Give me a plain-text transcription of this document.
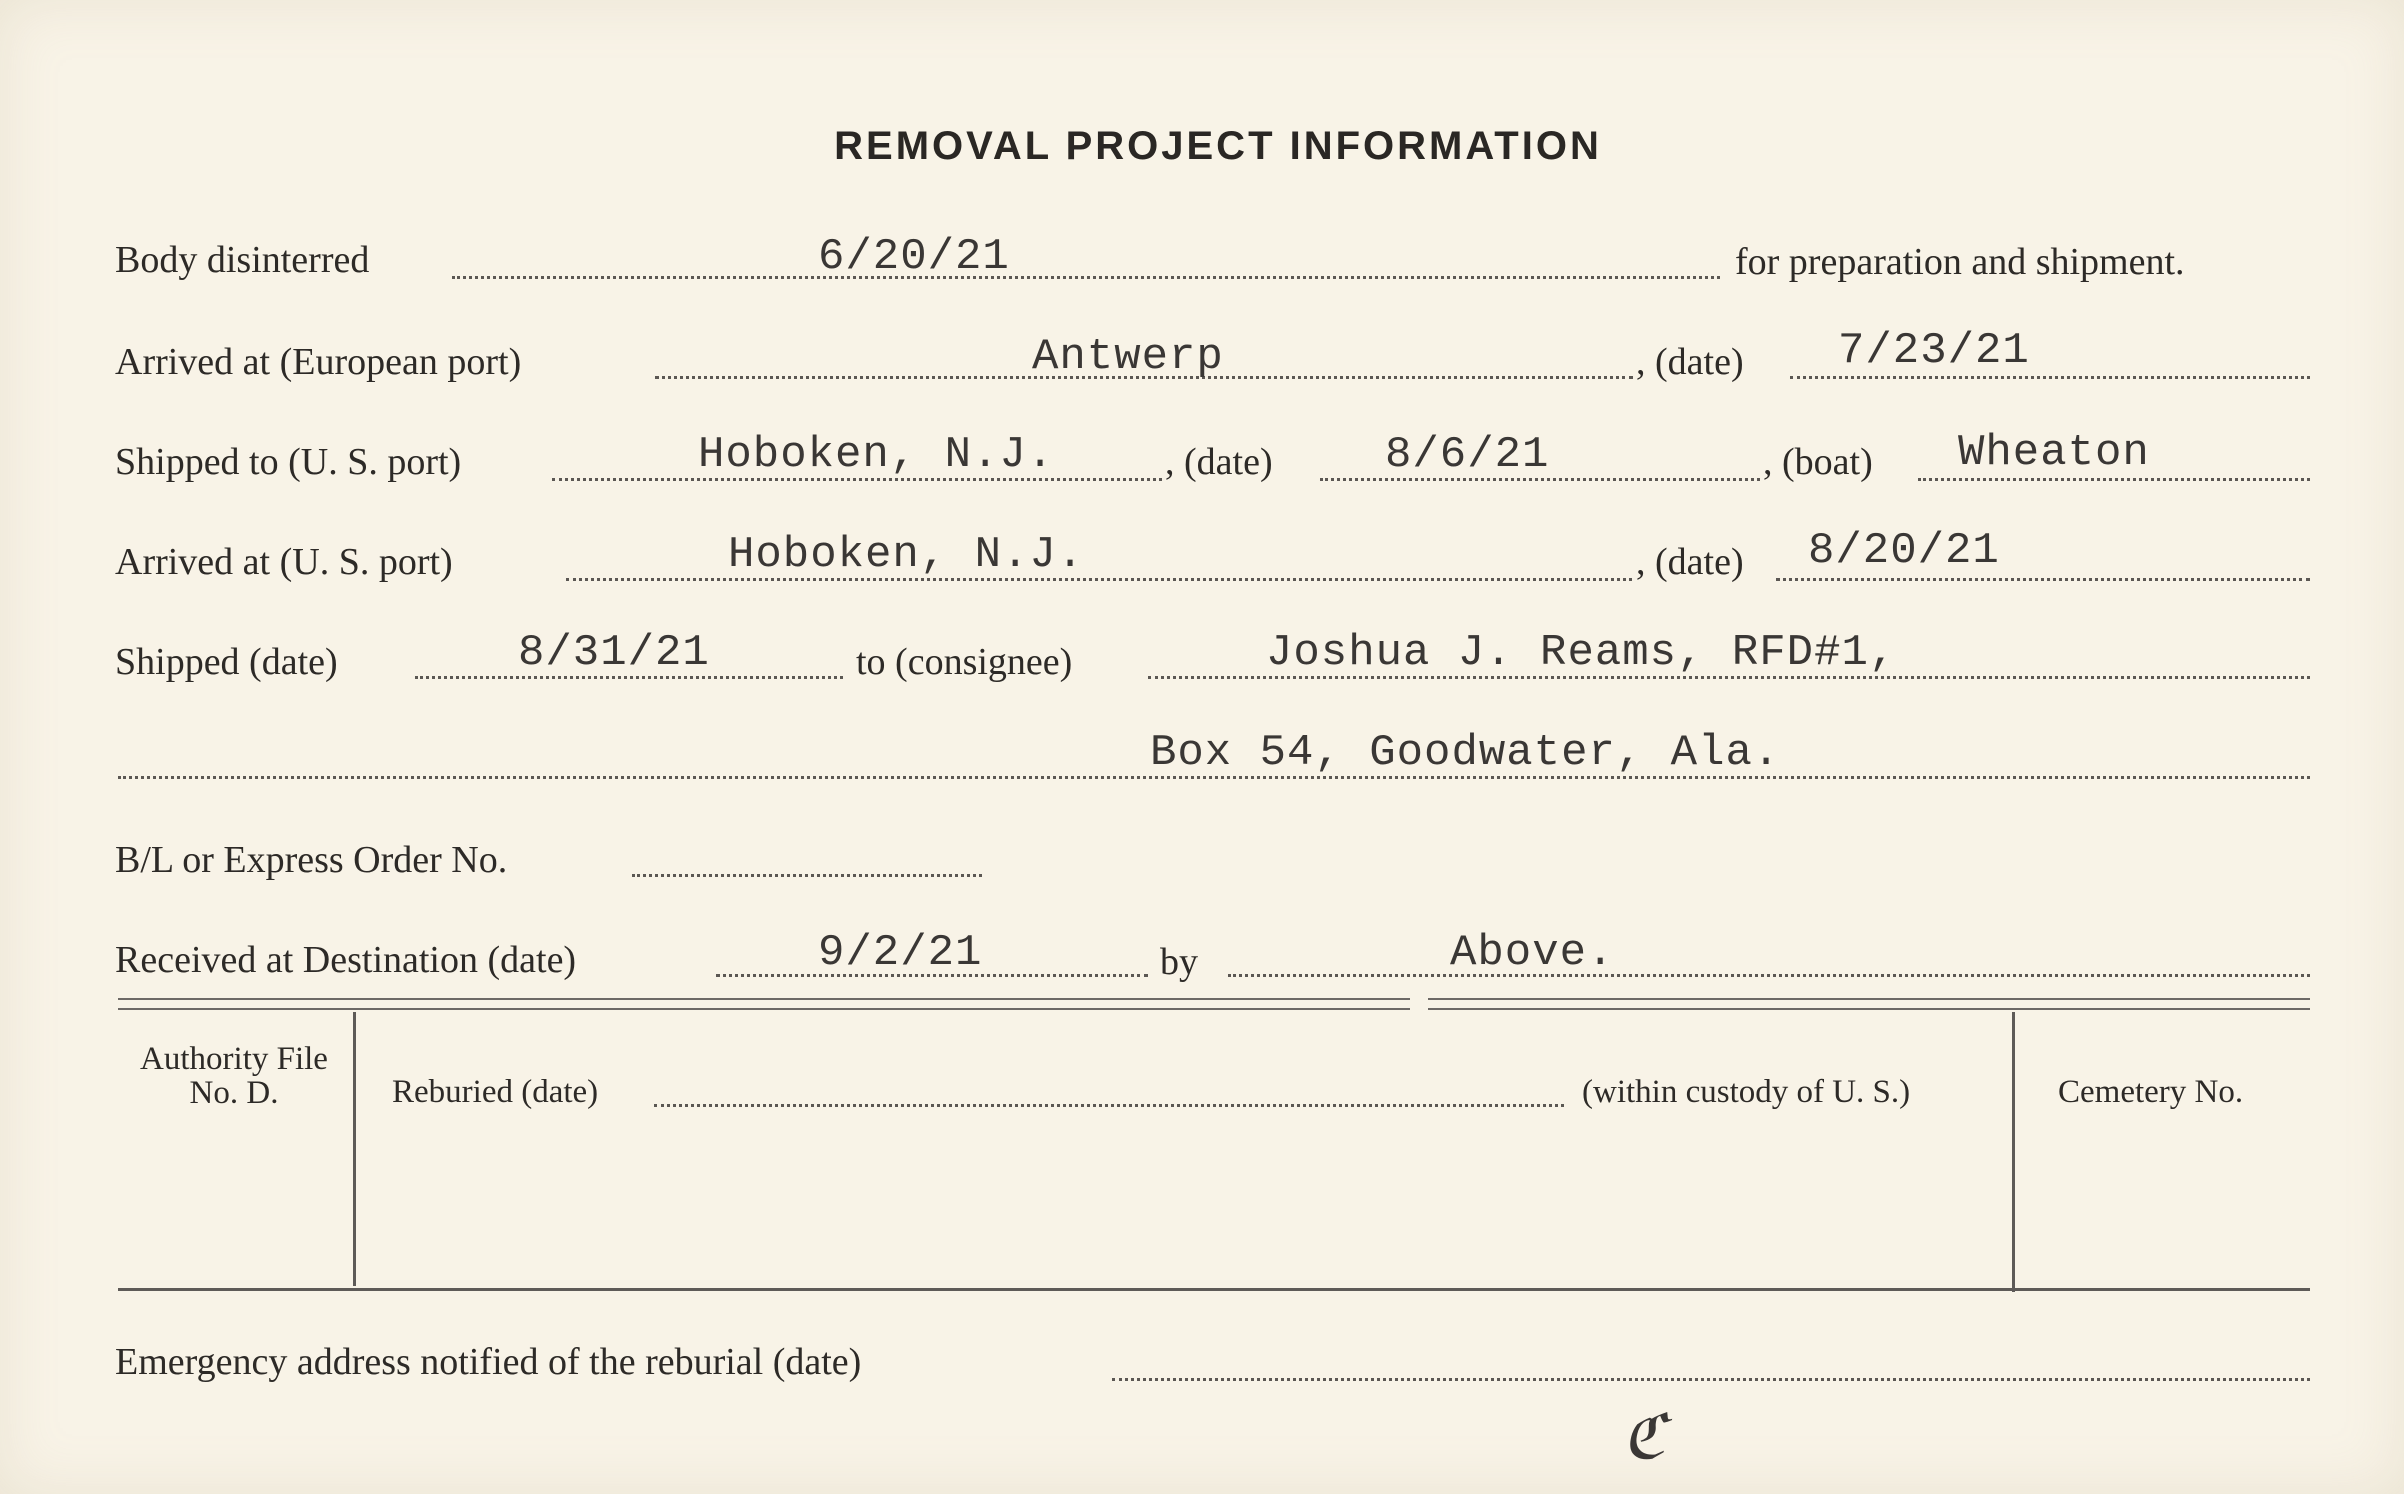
REMOVAL PROJECT INFORMATION
Body disinterred	6/20/21	for preparation and shipment.
Arrived at (European port)	Antwerp	, (date) 7/23/21
Shipped to (U. S. port)	Hoboken, N.J.	, (date)	8/6/21	, (boat) Wheaton
Arrived at (U. S. port)	Hoboken, N.J.	, (date) 8/20/21
Shipped (date)	8/31/21	to (consignee)	Joshua J. Reams, RFD#1,
Box 54, Goodwater, Ala.
B/L or Express Order No.
Received at Destination (date)	9/2/21	by	Above.
Authority File No. D.	Reburied (date)	(within custody of U. S.)	Cemetery No.
Emergency address notified of the reburial (date)
ℭ
